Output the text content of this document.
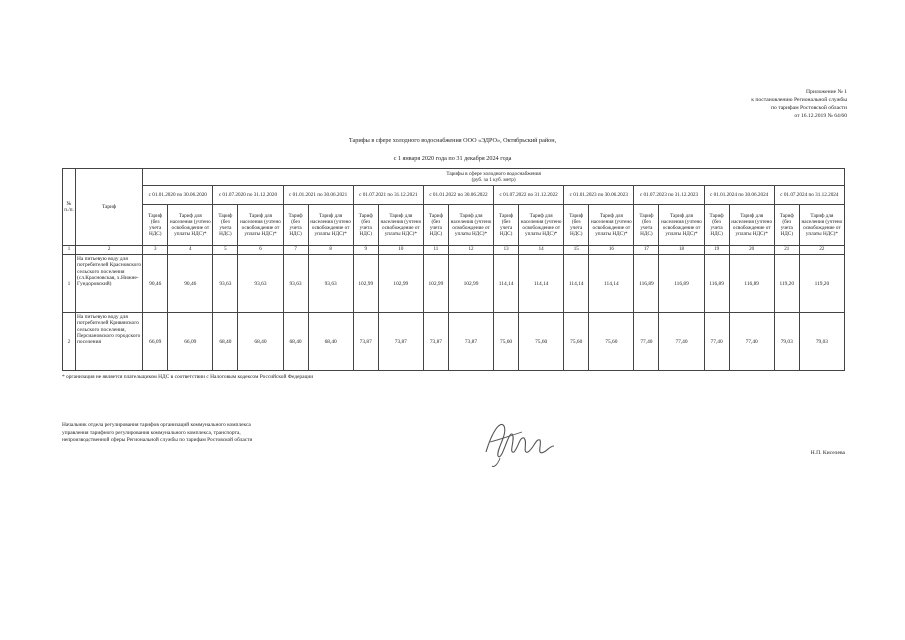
Приложение № 1
к постановлению Региональной службы
по тарифам Ростовской области
от 16.12.2019 № 64/60
Тарифы в сфере холодного водоснабжения ООО «ЭДРО», Октябрьский район,
с 1 января 2020 года по 31 декабря 2024 года
№ п./п.	Тариф	Тарифы в сфере холодного водоснабжения
(руб. за 1 куб. метр)																			

		с 01.01.2020 по 30.06.2020		с 01.07.2020 по 31.12.2020		с 01.01.2021 по 30.06.2021		с 01.07.2021 по 31.12.2021		с 01.01.2022 по 30.06.2022		с 01.07.2022 по 31.12.2022		с 01.01.2023 по 30.06.2023		с 01.07.2023 по 31.12.2023		с 01.01.2024 по 30.06.2024		с 01.07.2024 по 31.12.2024	
		Тариф (без учета НДС)	Тариф для населения (учтено освобождение от уплаты НДС)*	Тариф (без учета НДС)	Тариф для населения (учтено освобождение от уплаты НДС)*	Тариф (без учета НДС)	Тариф для населения (учтено освобождение от уплаты НДС)*	Тариф (без учета НДС)	Тариф для населения (учтено освобождение от уплаты НДС)*	Тариф (без учета НДС)	Тариф для населения (учтено освобождение от уплаты НДС)*	Тариф (без учета НДС)	Тариф для населения (учтено освобождение от уплаты НДС)*	Тариф (без учета НДС)	Тариф для населения (учтено освобождение от уплаты НДС)*	Тариф (без учета НДС)	Тариф для населения (учтено освобождение от уплаты НДС)*	Тариф (без учета НДС)	Тариф для населения (учтено освобождение от уплаты НДС)*	Тариф (без учета НДС)	Тариф для населения (учтено освобождение от уплаты НДС)*
1	2	3	4	5	6	7	8	9	10	11	12	13	14	15	16	17	18	19	20	21	22
1	На питьевую воду для потребителей Красновского сельского поселения (сл.Красновская, х.Нижне-Гундоровский)	90,46	90,46	93,63	93,63	93,63	93,63	102,99	102,99	102,99	102,99	114,14	114,14	114,14	114,14	116,89	116,89	116,89	116,89	119,20	119,20
2	На питьевую воду для потребителей Кривянского сельского поселения, Персиановского городского поселения	66,09	66,09	68,40	68,40	68,40	68,40	73,87	73,87	73,87	73,87	75,60	75,60	75,60	75,60	77,40	77,40	77,40	77,40	79,03	79,03
* организация не является плательщиком НДС в соответствии с Налоговым кодексом Российской Федерации
Начальник отдела регулирования тарифов организаций коммунального комплекса
управления тарифного регулирования коммунального комплекса, транспорта,
непроизводственной сферы Региональной службы по тарифам Ростовской области
Н.П. Киселева
